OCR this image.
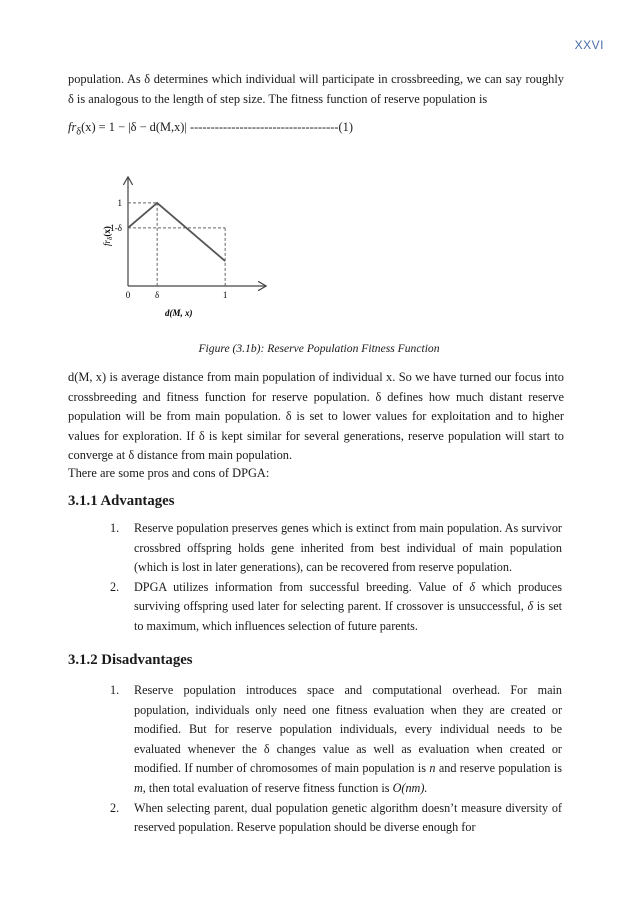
XXVI

population. As δ determines which individual will participate in crossbreeding, we can say roughly δ is analogous to the length of step size. The fitness function of reserve population is

$fr_\delta(x) = 1 - |\delta - d(M,x)|$ ------------------------------------(1)
1
1-δ
0	δ	1
d(M, x)
$fr_\delta(x)$
Figure (3.1b): Reserve Population Fitness Function

d(M, x) is average distance from main population of individual x. So we have turned our focus into crossbreeding and fitness function for reserve population. δ defines how much distant reserve population will be from main population. δ is set to lower values for exploitation and to higher values for exploration. If δ is kept similar for several generations, reserve population will start to converge at δ distance from main population.

There are some pros and cons of DPGA:

3.1.1 Advantages
1. Reserve population preserves genes which is extinct from main population. As survivor crossbred offspring holds gene inherited from best individual of main population (which is lost in later generations), can be recovered from reserve population.
2. DPGA utilizes information from successful breeding. Value of δ which produces surviving offspring used later for selecting parent. If crossover is unsuccessful, δ is set to maximum, which influences selection of future parents.
3.1.2 Disadvantages
1. Reserve population introduces space and computational overhead. For main population, individuals only need one fitness evaluation when they are created or modified. But for reserve population individuals, every individual needs to be evaluated whenever the δ changes value as well as evaluation when created or modified. If number of chromosomes of main population is n and reserve population is m, then total evaluation of reserve fitness function is O(nm).
2. When selecting parent, dual population genetic algorithm doesn’t measure diversity of reserved population. Reserve population should be diverse enough for
